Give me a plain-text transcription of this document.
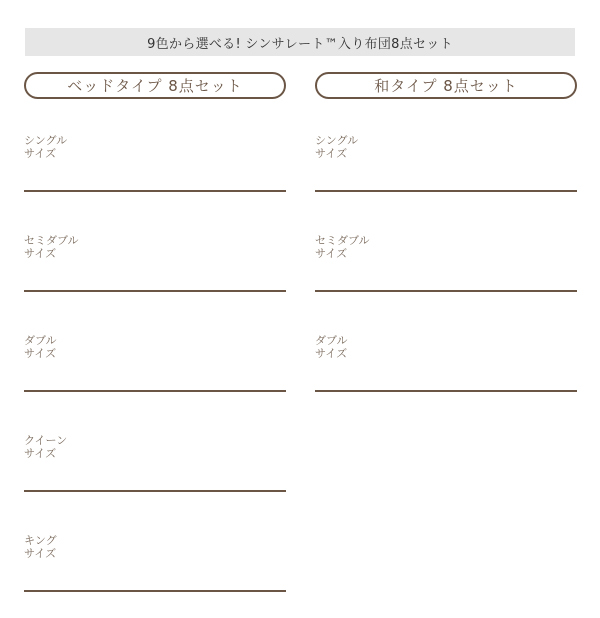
9色から選べる! シンサレート™入り布団8点セット
ベッドタイプ 8点セット
シングル
サイズ
セミダブル
サイズ
ダブル
サイズ
クイーン
サイズ
キング
サイズ
和タイプ 8点セット
シングル
サイズ
セミダブル
サイズ
ダブル
サイズ
